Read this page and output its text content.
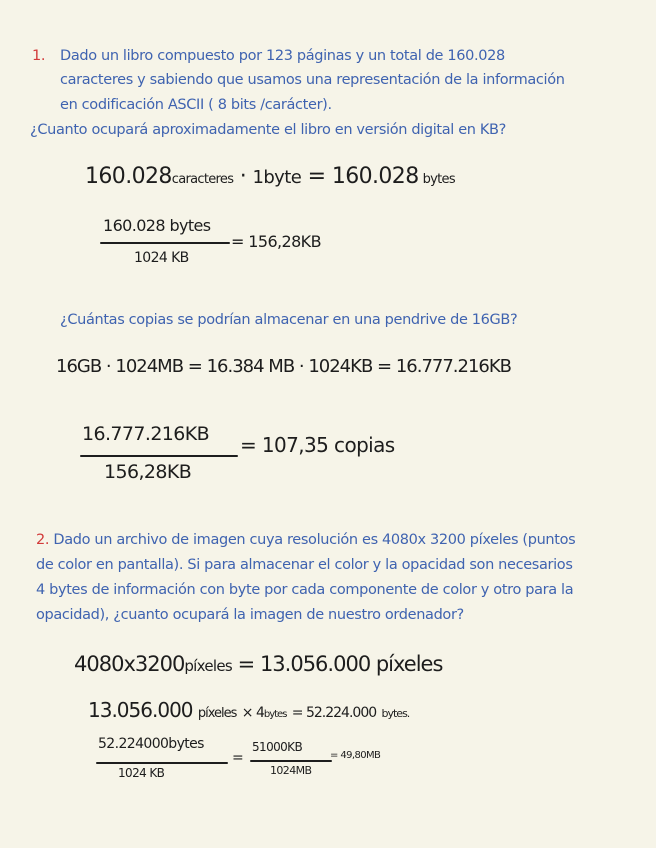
1. Dado un libro compuesto por 123 páginas y un total de 160.028
caracteres y sabiendo que usamos una representación de la información
en codificación ASCII ( 8 bits /carácter).
¿Cuanto ocupará aproximadamente el libro en versión digital en KB?
160.028caracteres · 1byte = 160.028 bytes
160.028 bytes
1024 KB
= 156,28KB
¿Cuántas copias se podrían almacenar en una pendrive de 16GB?
16GB · 1024MB = 16.384 MB · 1024KB = 16.777.216KB
16.777.216KB
156,28KB
= 107,35 copias
2. Dado un archivo de imagen cuya resolución es 4080x 3200 píxeles (puntos
de color en pantalla). Si para almacenar el color y la opacidad son necesarios
4 bytes de información con byte por cada componente de color y otro para la
opacidad), ¿cuanto ocupará la imagen de nuestro ordenador?
4080x3200píxeles = 13.056.000 píxeles
13.056.000 píxeles × 4bytes = 52.224.000 bytes.
52.224000bytes
1024 KB
=
51000KB
1024MB
= 49,80MB
